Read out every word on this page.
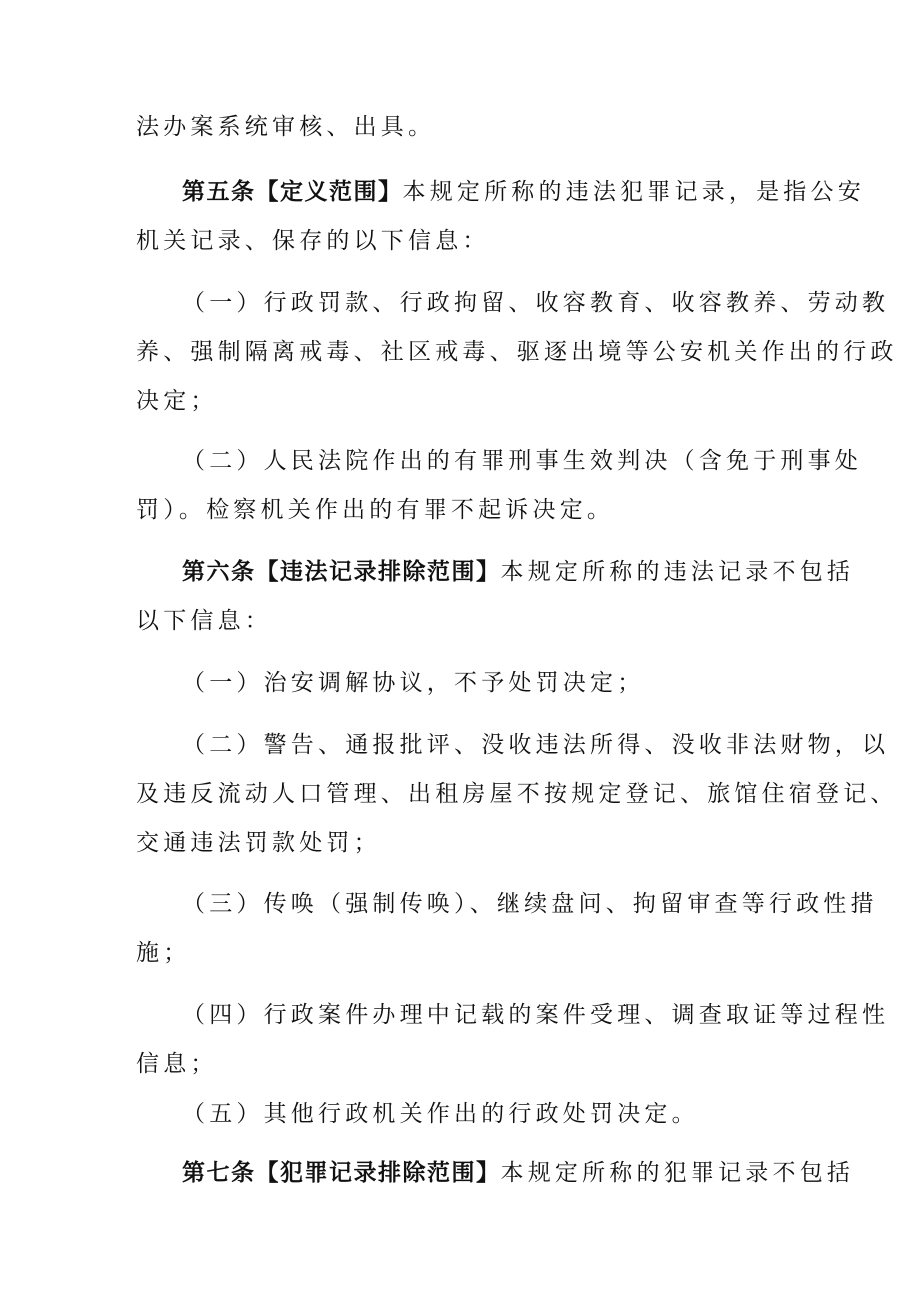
法办案系统审核、出具。
第五条【定义范围】本规定所称的违法犯罪记录，是指公安
机关记录、保存的以下信息：
（一）行政罚款、行政拘留、收容教育、收容教养、劳动教
养、强制隔离戒毒、社区戒毒、驱逐出境等公安机关作出的行政
决定；
（二）人民法院作出的有罪刑事生效判决（含免于刑事处
罚）。检察机关作出的有罪不起诉决定。
第六条【违法记录排除范围】本规定所称的违法记录不包括
以下信息：
（一）治安调解协议，不予处罚决定；
（二）警告、通报批评、没收违法所得、没收非法财物，以
及违反流动人口管理、出租房屋不按规定登记、旅馆住宿登记、
交通违法罚款处罚；
（三）传唤（强制传唤）、继续盘问、拘留审查等行政性措
施；
（四）行政案件办理中记载的案件受理、调查取证等过程性
信息；
（五）其他行政机关作出的行政处罚决定。
第七条【犯罪记录排除范围】本规定所称的犯罪记录不包括
